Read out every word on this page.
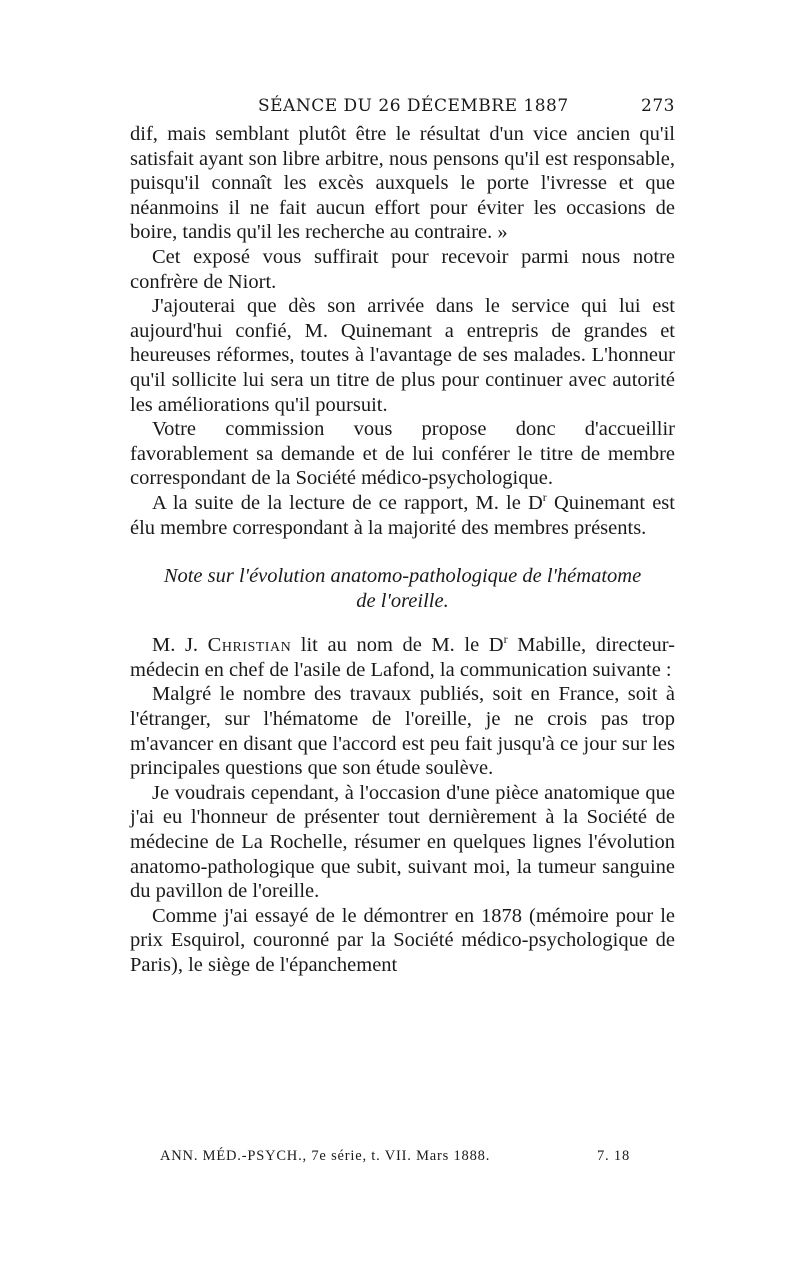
SÉANCE DU 26 DÉCEMBRE 1887	273

dif, mais semblant plutôt être le résultat d'un vice ancien qu'il satisfait ayant son libre arbitre, nous pensons qu'il est responsable, puisqu'il connaît les excès auxquels le porte l'ivresse et que néanmoins il ne fait aucun effort pour éviter les occasions de boire, tandis qu'il les recherche au contraire. »

Cet exposé vous suffirait pour recevoir parmi nous notre confrère de Niort.

J'ajouterai que dès son arrivée dans le service qui lui est aujourd'hui confié, M. Quinemant a entrepris de grandes et heureuses réformes, toutes à l'avantage de ses malades. L'honneur qu'il sollicite lui sera un titre de plus pour continuer avec autorité les améliorations qu'il poursuit.

Votre commission vous propose donc d'accueillir favorablement sa demande et de lui conférer le titre de membre correspondant de la Société médico-psychologique.

A la suite de la lecture de ce rapport, M. le $D^r$ Quinemant est élu membre correspondant à la majorité des membres présents.

Note sur l'évolution anatomo-pathologique de l'hématome
de l'oreille.

M. J. Christian lit au nom de M. le $D^r$ Mabille, directeur-médecin en chef de l'asile de Lafond, la communication suivante :

Malgré le nombre des travaux publiés, soit en France, soit à l'étranger, sur l'hématome de l'oreille, je ne crois pas trop m'avancer en disant que l'accord est peu fait jusqu'à ce jour sur les principales questions que son étude soulève.

Je voudrais cependant, à l'occasion d'une pièce anatomique que j'ai eu l'honneur de présenter tout dernièrement à la Société de médecine de La Rochelle, résumer en quelques lignes l'évolution anatomo-pathologique que subit, suivant moi, la tumeur sanguine du pavillon de l'oreille.

Comme j'ai essayé de le démontrer en 1878 (mémoire pour le prix Esquirol, couronné par la Société médico-psychologique de Paris), le siège de l'épanchement

ANN. MÉD.-PSYCH., 7e série, t. VII. Mars 1888.	7. 18
